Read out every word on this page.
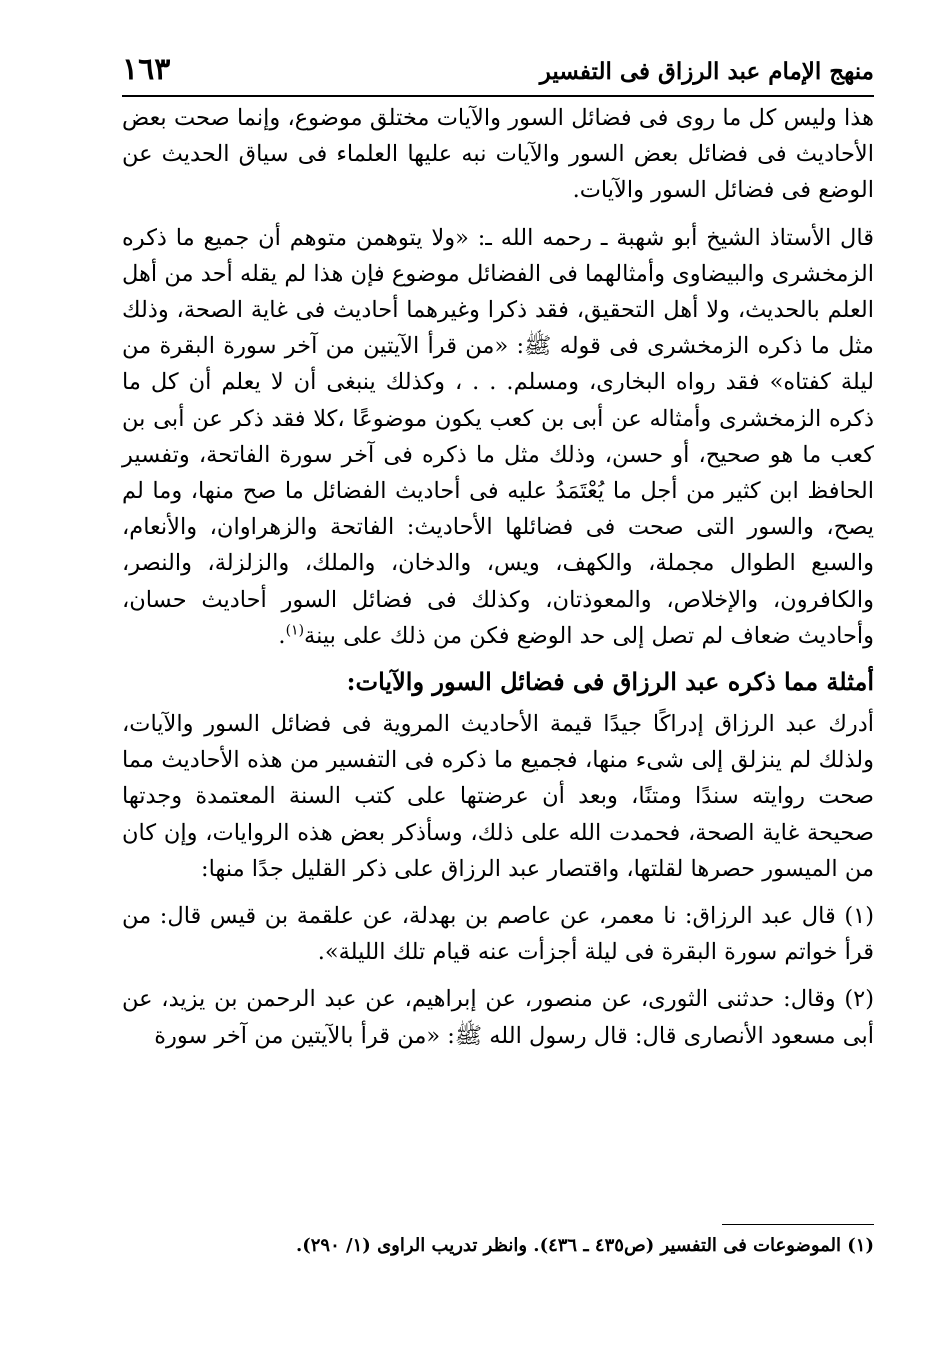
منهج الإمام عبد الرزاق فى التفسير
١٦٣

هذا وليس كل ما روى فى فضائل السور والآيات مختلق موضوع، وإنما صحت بعض الأحاديث فى فضائل بعض السور والآيات نبه عليها العلماء فى سياق الحديث عن الوضع فى فضائل السور والآيات.

قال الأستاذ الشيخ أبو شهبة ـ رحمه الله ـ: «ولا يتوهمن متوهم أن جميع ما ذكره الزمخشرى والبيضاوى وأمثالهما فى الفضائل موضوع فإن هذا لم يقله أحد من أهل العلم بالحديث، ولا أهل التحقيق، فقد ذكرا وغيرهما أحاديث فى غاية الصحة، وذلك مثل ما ذكره الزمخشرى فى قوله ﷺ: «من قرأ الآيتين من آخر سورة البقرة من ليلة كفتاه» فقد رواه البخارى، ومسلم. . . ، وكذلك ينبغى أن لا يعلم أن كل ما ذكره الزمخشرى وأمثاله عن أبى بن كعب يكون موضوعًا ،كلا فقد ذكر عن أبى بن كعب ما هو صحيح، أو حسن، وذلك مثل ما ذكره فى آخر سورة الفاتحة، وتفسير الحافظ ابن كثير من أجل ما يُعْتَمَدُ عليه فى أحاديث الفضائل ما صح منها، وما لم يصح، والسور التى صحت فى فضائلها الأحاديث: الفاتحة والزهراوان، والأنعام، والسبع الطوال مجملة، والكهف، ويس، والدخان، والملك، والزلزلة، والنصر، والكافرون، والإخلاص، والمعوذتان، وكذلك فى فضائل السور أحاديث حسان، وأحاديث ضعاف لم تصل إلى حد الوضع فكن من ذلك على بينة$^{(١)}$.

أمثلة مما ذكره عبد الرزاق فى فضائل السور والآيات:

أدرك عبد الرزاق إدراكًا جيدًا قيمة الأحاديث المروية فى فضائل السور والآيات، ولذلك لم ينزلق إلى شىء منها، فجميع ما ذكره فى التفسير من هذه الأحاديث مما صحت روايته سندًا ومتنًا، وبعد أن عرضتها على كتب السنة المعتمدة وجدتها صحيحة غاية الصحة، فحمدت الله على ذلك، وسأذكر بعض هذه الروايات، وإن كان من الميسور حصرها لقلتها، واقتصار عبد الرزاق على ذكر القليل جدًا منها:

(١) قال عبد الرزاق: نا معمر، عن عاصم بن بهدلة، عن علقمة بن قيس قال: من قرأ خواتم سورة البقرة فى ليلة أجزأت عنه قيام تلك الليلة».

(٢) وقال: حدثنى الثورى، عن منصور، عن إبراهيم، عن عبد الرحمن بن يزيد، عن أبى مسعود الأنصارى قال: قال رسول الله ﷺ: «من قرأ بالآيتين من آخر سورة

(١) الموضوعات فى التفسير (ص٤٣٥ ـ ٤٣٦). وانظر تدريب الراوى (١/ ٢٩٠).
